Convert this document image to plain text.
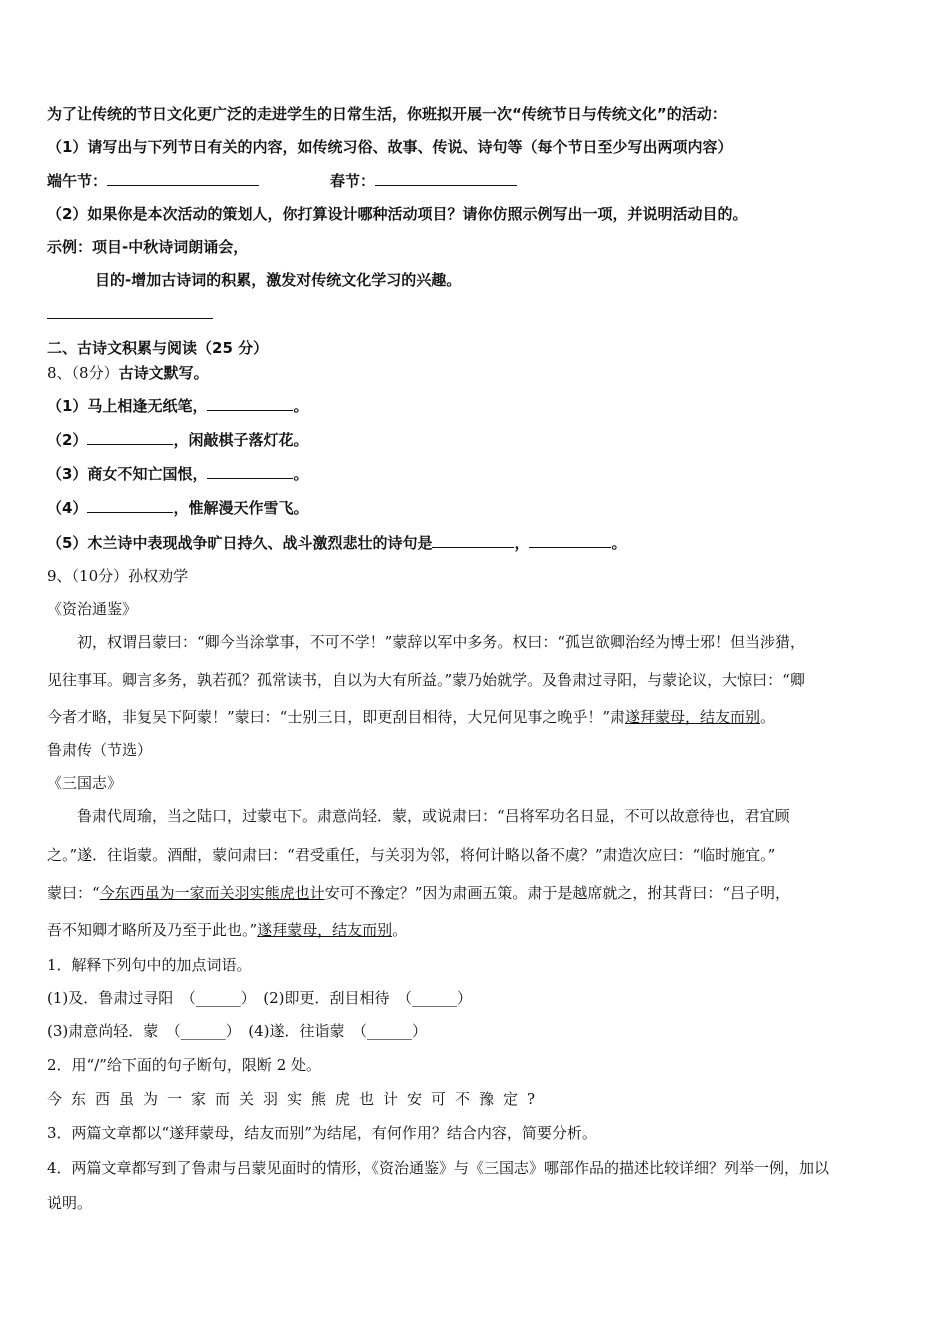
为了让传统的节日文化更广泛的走进学生的日常生活，你班拟开展一次“传统节日与传统文化”的活动：
（1）请写出与下列节日有关的内容，如传统习俗、故事、传说、诗句等（每个节日至少写出两项内容）
端午节：	春节：
（2）如果你是本次活动的策划人，你打算设计哪种活动项目？请你仿照示例写出一项，并说明活动目的。
示例：项目-中秋诗词朗诵会，
目的-增加古诗词的积累，激发对传统文化学习的兴趣。
二、古诗文积累与阅读（25 分）
8、（8分）古诗文默写。
（1）马上相逢无纸笔，	。
（2）	，闲敲棋子落灯花。
（3）商女不知亡国恨，	。
（4）	，惟解漫天作雪飞。
（5）木兰诗中表现战争旷日持久、战斗激烈悲壮的诗句是	，	。
9、（10分）孙权劝学
《资治通鉴》
初，权谓吕蒙曰：“卿今当涂掌事，不可不学！”蒙辞以军中多务。权曰：“孤岂欲卿治经为博士邪！但当涉猎，
见往事耳。卿言多务，孰若孤？孤常读书，自以为大有所益。”蒙乃始就学。及鲁肃过寻阳，与蒙论议，大惊曰：“卿
今者才略，非复吴下阿蒙！”蒙曰：“士别三日，即更刮目相待，大兄何见事之晚乎！”肃遂拜蒙母，结友而别。
鲁肃传（节选）
《三国志》
鲁肃代周瑜，当之陆口，过蒙屯下。肃意尚轻．蒙，或说肃曰：“吕将军功名日显，不可以故意待也，君宜顾
之。”遂．往诣蒙。酒酣，蒙问肃曰：“君受重任，与关羽为邻，将何计略以备不虞？”肃造次应曰：“临时施宜。”
蒙曰：“今东西虽为一家而关羽实熊虎也计安可不豫定？”因为肃画五策。肃于是越席就之，拊其背曰：“吕子明，
吾不知卿才略所及乃至于此也。”遂拜蒙母，结友而别。
1．解释下列句中的加点词语。
(1)及．鲁肃过寻阳　（______）　(2)即更．刮目相待　（______）
(3)肃意尚轻．蒙　（______）　(4)遂．往诣蒙　（______）
2．用“/”给下面的句子断句，限断 2 处。
今东西虽为一家而关羽实熊虎也计安可不豫定?
3．两篇文章都以“遂拜蒙母，结友而别”为结尾，有何作用？结合内容，简要分析。
4．两篇文章都写到了鲁肃与吕蒙见面时的情形，《资治通鉴》与《三国志》哪部作品的描述比较详细？列举一例，加以
说明。
